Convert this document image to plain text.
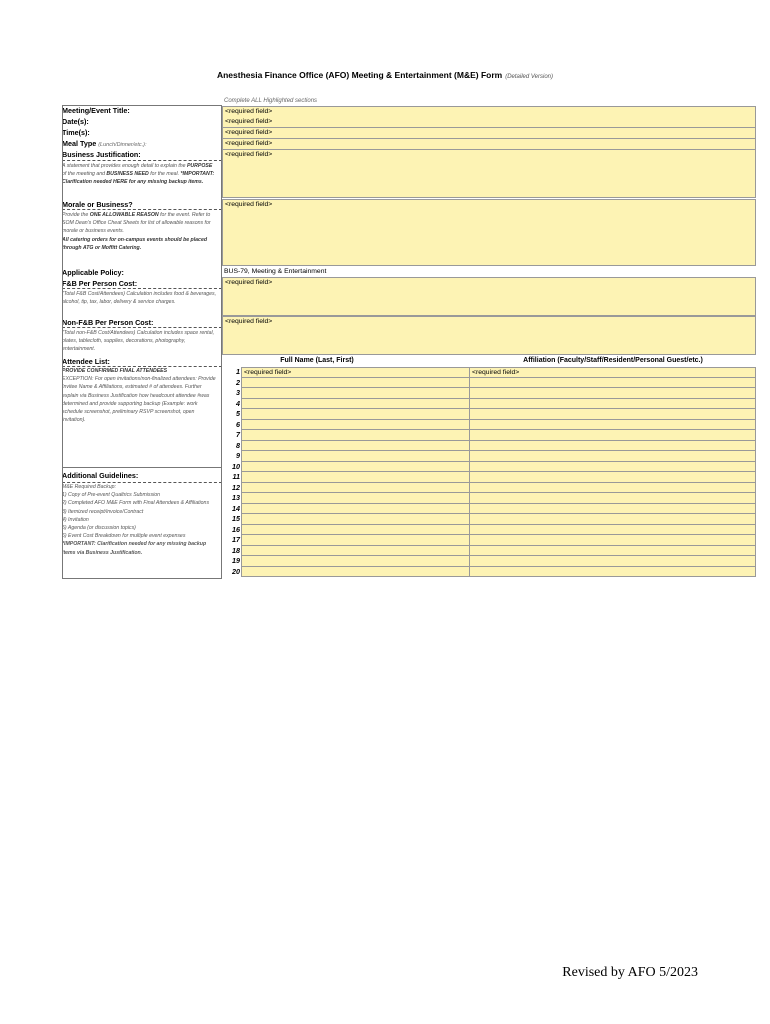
Anesthesia Finance Office (AFO) Meeting & Entertainment (M&E) Form (Detailed Version)
Complete ALL Highlighted sections
Meeting/Event Title:
Date(s):
Time(s):
Meal Type (Lunch/Dinner/etc.):
Business Justification:
A statement that provides enough detail to explain the PURPOSE of the meeting and BUSINESS NEED for the meal. *IMPORTANT: Clarification needed HERE for any missing backup items.
<required field>
<required field>
<required field>
<required field>
<required field>
Morale or Business?
Provide the ONE ALLOWABLE REASON for the event. Refer to SOM Dean's Office Cheat Sheets for list of allowable reasons for morale or business events.
All catering orders for on-campus events should be placed through ATG or Moffitt Catering.
<required field>
Applicable Policy:
F&B Per Person Cost:
BUS-79, Meeting & Entertainment
(Total F&B Cost/Attendees) Calculation includes food & beverages, alcohol, tip, tax, labor, delivery & service charges.
<required field>
Non-F&B Per Person Cost:
(Total non-F&B Cost/Attendees) Calculation includes space rental, plates, tablecloth, supplies, decorations, photography, entertainment.
<required field>
Attendee List:
PROVIDE CONFIRMED FINAL ATTENDEES
EXCEPTION: For open invitations/non-finalized attendees: Provide Invitee Name & Affiliations, estimated # of attendees. Further explain via Business Justification how headcount attendee #was determined and provide supporting backup (Example: work schedule screenshot, preliminary RSVP screenshot, open invitation).
Full Name (Last, First)	Affiliation (Faculty/Staff/Resident/Personal Guest/etc.)
1 <required field>	<required field>
2
3
4
5
6
7
8
9
10
11
12
13
14
15
16
17
18
19
20
Additional Guidelines:
M&E Required Backup:
1) Copy of Pre-event Qualtrics Submission
2) Completed AFO M&E Form with Final Attendees & Affiliations
3) Itemized receipt/invoice/Contract
4) Invitation
5) Agenda (or discussion topics)
6) Event Cost Breakdown for multiple event expenses
*IMPORTANT: Clarification needed for any missing backup items via Business Justification.
Revised by AFO 5/2023
